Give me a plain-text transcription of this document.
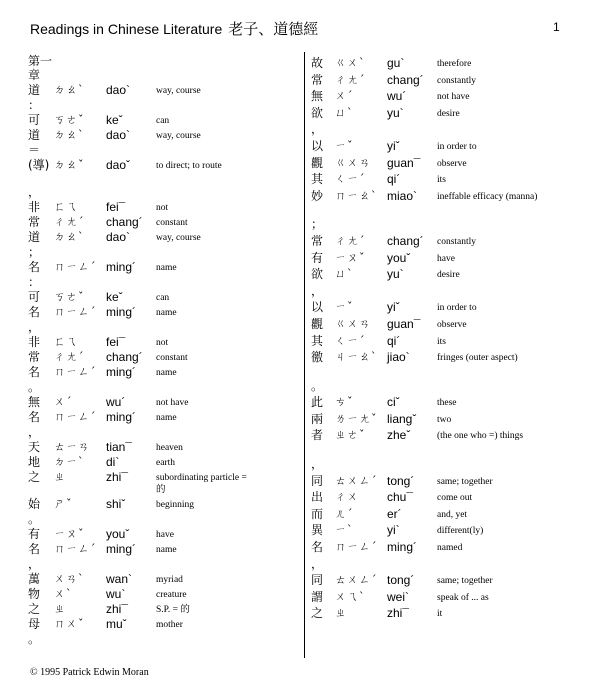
Readings in Chinese Literature 老子、道德經	1
第一章
道	ㄉㄠˋ	dao`	way, course
：
可	ㄎㄜˇ	keˇ	can
道	ㄉㄠˋ	dao`	way, course
＝
(導) ㄉㄠˇ	daoˇ	to direct; to route
，
非	ㄈㄟ	fei¯	not
常	ㄔㄤˊ	chang´	constant
道	ㄉㄠˋ	dao`	way, course
；
名	ㄇㄧㄥˊ ming´	name
：
可	ㄎㄜˇ	keˇ	can
名	ㄇㄧㄥˊ ming´	name
，
非	ㄈㄟ	fei¯	not
常	ㄔㄤˊ	chang´	constant
名	ㄇㄧㄥˊ ming´	name
。
無	ㄨˊ	wu´	not have
名	ㄇㄧㄥˊ ming´	name
，
天	ㄊㄧㄢ	tian¯	heaven
地	ㄉㄧˋ	di`	earth
之	ㄓ	zhi¯	subordinating particle = 的
始	ㄕˇ	shiˇ	beginning
。
有	ㄧㄡˇ	youˇ	have
名	ㄇㄧㄥˊ ming´	name
，
萬	ㄨㄢˋ	wan`	myriad
物	ㄨˋ	wu`	creature
之	ㄓ	zhi¯	S.P. = 的
母	ㄇㄨˇ	muˇ	mother
。
故	ㄍㄨˋ	gu`	therefore
常	ㄔㄤˊ	chang´	constantly
無	ㄨˊ	wu´	not have
欲	ㄩˋ	yu`	desire
，
以	ㄧˇ	yiˇ	in order to
觀	ㄍㄨㄢ	guan¯	observe
其	ㄑㄧˊ	qi´	its
妙	ㄇㄧㄠˋ miao`	ineffable efficacy (manna)
；
常	ㄔㄤˊ	chang´	constantly
有	ㄧㄡˇ	youˇ	have
欲	ㄩˋ	yu`	desire
，
以	ㄧˇ	yiˇ	in order to
觀	ㄍㄨㄢ	guan¯	observe
其	ㄑㄧˊ	qi´	its
徼	ㄐㄧㄠˋ jiao`	fringes (outer aspect)
。
此	ㄘˇ	ciˇ	these
兩	ㄌㄧㄤˇ liangˇ	two
者	ㄓㄜˇ	zheˇ	(the one who =) things
，
同	ㄊㄨㄥˊ tong´	same; together
出	ㄔㄨ	chu¯	come out
而	ㄦˊ	er´	and, yet
異	ㄧˋ	yi`	different(ly)
名	ㄇㄧㄥˊ ming´	named
，
同	ㄊㄨㄥˊ tong´	same; together
謂	ㄨㄟˋ	wei`	speak of ... as
之	ㄓ	zhi¯	it
© 1995 Patrick Edwin Moran
